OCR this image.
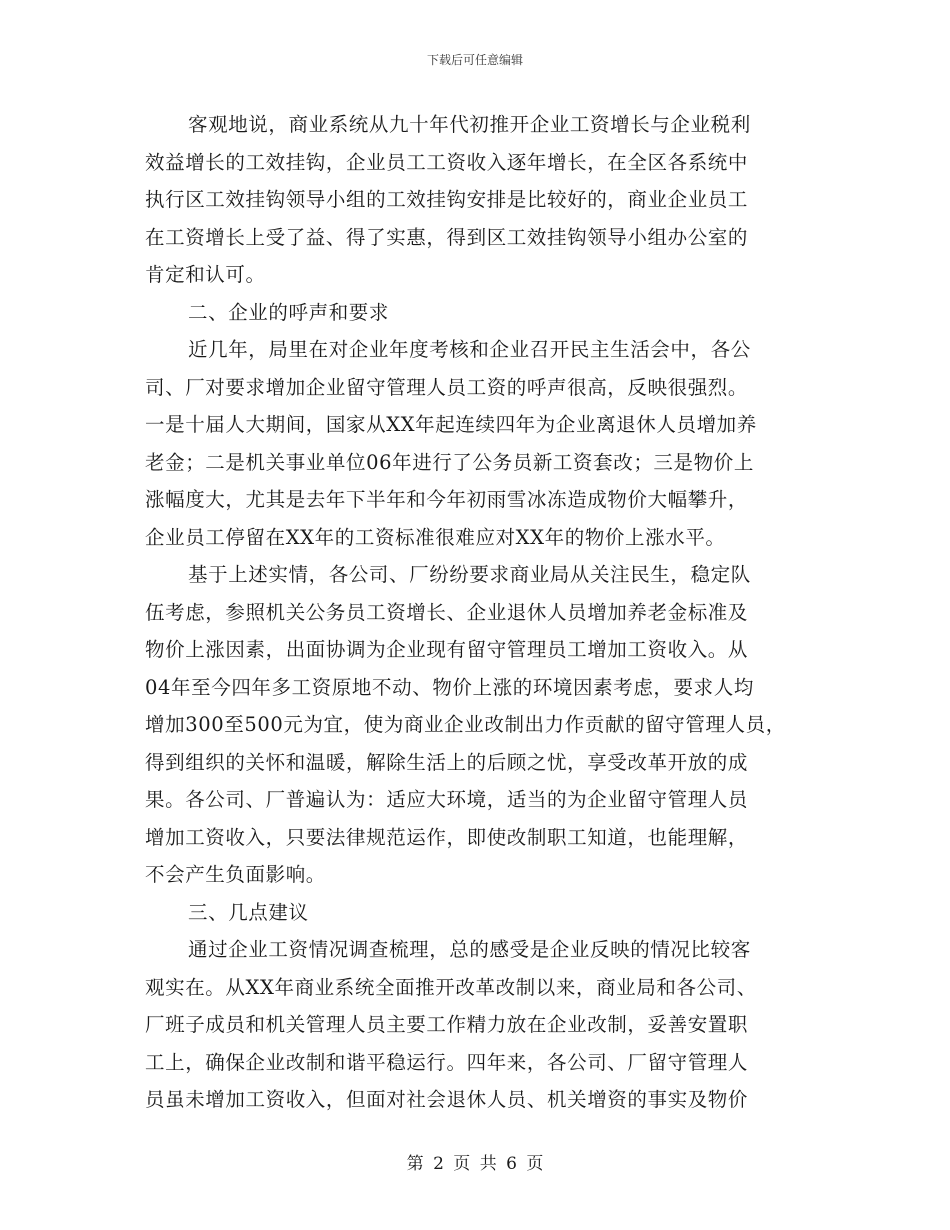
下载后可任意编辑
客观地说，商业系统从九十年代初推开企业工资增长与企业税利
效益增长的工效挂钩，企业员工工资收入逐年增长，在全区各系统中
执行区工效挂钩领导小组的工效挂钩安排是比较好的，商业企业员工
在工资增长上受了益、得了实惠，得到区工效挂钩领导小组办公室的
肯定和认可。
二、企业的呼声和要求
近几年，局里在对企业年度考核和企业召开民主生活会中，各公
司、厂对要求增加企业留守管理人员工资的呼声很高，反映很强烈。
一是十届人大期间，国家从XX年起连续四年为企业离退休人员增加养
老金；二是机关事业单位06年进行了公务员新工资套改；三是物价上
涨幅度大，尤其是去年下半年和今年初雨雪冰冻造成物价大幅攀升，
企业员工停留在XX年的工资标准很难应对XX年的物价上涨水平。
基于上述实情，各公司、厂纷纷要求商业局从关注民生，稳定队
伍考虑，参照机关公务员工资增长、企业退休人员增加养老金标准及
物价上涨因素，出面协调为企业现有留守管理员工增加工资收入。从
04年至今四年多工资原地不动、物价上涨的环境因素考虑，要求人均
增加300至500元为宜，使为商业企业改制出力作贡献的留守管理人员，
得到组织的关怀和温暖，解除生活上的后顾之忧，享受改革开放的成
果。各公司、厂普遍认为：适应大环境，适当的为企业留守管理人员
增加工资收入，只要法律规范运作，即使改制职工知道，也能理解，
不会产生负面影响。
三、几点建议
通过企业工资情况调查梳理，总的感受是企业反映的情况比较客
观实在。从XX年商业系统全面推开改革改制以来，商业局和各公司、
厂班子成员和机关管理人员主要工作精力放在企业改制，妥善安置职
工上，确保企业改制和谐平稳运行。四年来，各公司、厂留守管理人
员虽未增加工资收入，但面对社会退休人员、机关增资的事实及物价
第 2 页 共 6 页
